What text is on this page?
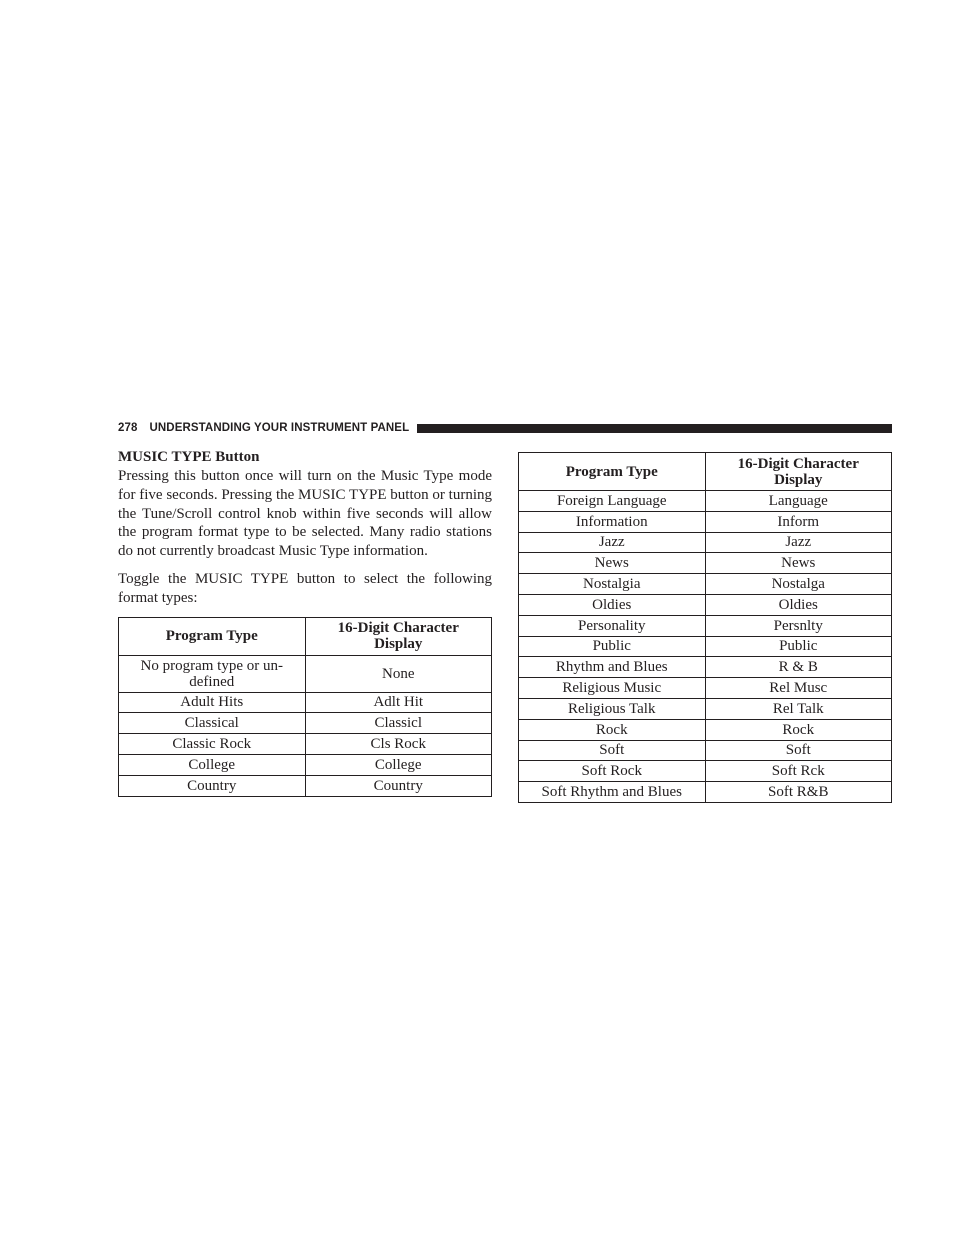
278 UNDERSTANDING YOUR INSTRUMENT PANEL
MUSIC TYPE Button

Pressing this button once will turn on the Music Type mode for five seconds. Pressing the MUSIC TYPE button or turning the Tune/Scroll control knob within five seconds will allow the program format type to be selected. Many radio stations do not currently broadcast Music Type information.

Toggle the MUSIC TYPE button to select the following format types:

Program Type	16-Digit Character Display
No program type or un-defined	None
Adult Hits	Adlt Hit
Classical	Classicl
Classic Rock	Cls Rock
College	College
Country	Country
Program Type	16-Digit Character Display
Foreign Language	Language
Information	Inform
Jazz	Jazz
News	News
Nostalgia	Nostalga
Oldies	Oldies
Personality	Persnlty
Public	Public
Rhythm and Blues	R & B
Religious Music	Rel Musc
Religious Talk	Rel Talk
Rock	Rock
Soft	Soft
Soft Rock	Soft Rck
Soft Rhythm and Blues	Soft R&B
